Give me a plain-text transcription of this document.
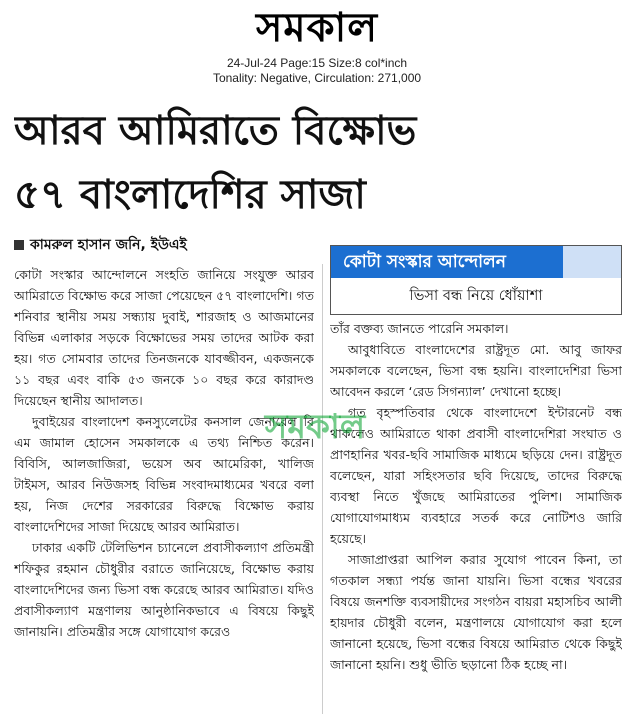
সমকাল
24-Jul-24 Page:15 Size:8 col*inch
Tonality: Negative, Circulation: 271,000
আরব আমিরাতে বিক্ষোভ
৫৭ বাংলাদেশির সাজা
কামরুল হাসান জনি, ইউএই

কোটা সংস্কার আন্দোলনে সংহতি জানিয়ে সংযুক্ত আরব আমিরাতে বিক্ষোভ করে সাজা পেয়েছেন ৫৭ বাংলাদেশি। গত শনিবার স্থানীয় সময় সন্ধ্যায় দুবাই, শারজাহ ও আজমানের বিভিন্ন এলাকার সড়কে বিক্ষোভের সময় তাদের আটক করা হয়। গত সোমবার তাদের তিনজনকে যাবজ্জীবন, একজনকে ১১ বছর এবং বাকি ৫৩ জনকে ১০ বছর করে কারাদণ্ড দিয়েছেন স্থানীয় আদালত।

দুবাইয়ের বাংলাদেশ কনস্যুলেটের কনসাল জেনারেল বি এম জামাল হোসেন সমকালকে এ তথ্য নিশ্চিত করেন। বিবিসি, আলজাজিরা, ভয়েস অব আমেরিকা, খালিজ টাইমস, আরব নিউজসহ বিভিন্ন সংবাদমাধ্যমের খবরে বলা হয়, নিজ দেশের সরকারের বিরুদ্ধে বিক্ষোভ করায় বাংলাদেশিদের সাজা দিয়েছে আরব আমিরাত।

ঢাকার একটি টেলিভিশন চ্যানেলে প্রবাসীকল্যাণ প্রতিমন্ত্রী শফিকুর রহমান চৌধুরীর বরাতে জানিয়েছে, বিক্ষোভ করায় বাংলাদেশিদের জন্য ভিসা বন্ধ করেছে আরব আমিরাত। যদিও প্রবাসীকল্যাণ মন্ত্রণালয় আনুষ্ঠানিকভাবে এ বিষয়ে কিছুই জানায়নি। প্রতিমন্ত্রীর সঙ্গে যোগাযোগ করেও

কোটা সংস্কার আন্দোলন
ভিসা বন্ধ নিয়ে ধোঁয়াশা

তাঁর বক্তব্য জানতে পারেনি সমকাল।

আবুধাবিতে বাংলাদেশের রাষ্ট্রদূত মো. আবু জাফর সমকালকে বলেছেন, ভিসা বন্ধ হয়নি। বাংলাদেশিরা ভিসা আবেদন করলে ‘রেড সিগন্যাল’ দেখানো হচ্ছে।

গত বৃহস্পতিবার থেকে বাংলাদেশে ইন্টারনেট বন্ধ থাকলেও আমিরাতে থাকা প্রবাসী বাংলাদেশিরা সংঘাত ও প্রাণহানির খবর-ছবি সামাজিক মাধ্যমে ছড়িয়ে দেন। রাষ্ট্রদূত বলেছেন, যারা সহিংসতার ছবি দিয়েছে, তাদের বিরুদ্ধে ব্যবস্থা নিতে খুঁজছে আমিরাতের পুলিশ। সামাজিক যোগাযোগমাধ্যম ব্যবহারে সতর্ক করে নোটিশও জারি হয়েছে।

সাজাপ্রাপ্তরা আপিল করার সুযোগ পাবেন কিনা, তা গতকাল সন্ধ্যা পর্যন্ত জানা যায়নি। ভিসা বন্ধের খবরের বিষয়ে জনশক্তি ব্যবসায়ীদের সংগঠন বায়রা মহাসচিব আলী হায়দার চৌধুরী বলেন, মন্ত্রণালয়ে যোগাযোগ করা হলে জানানো হয়েছে, ভিসা বন্ধের বিষয়ে আমিরাত থেকে কিছুই জানানো হয়নি। শুধু ভীতি ছড়ানো ঠিক হচ্ছে না।

সমকাল
